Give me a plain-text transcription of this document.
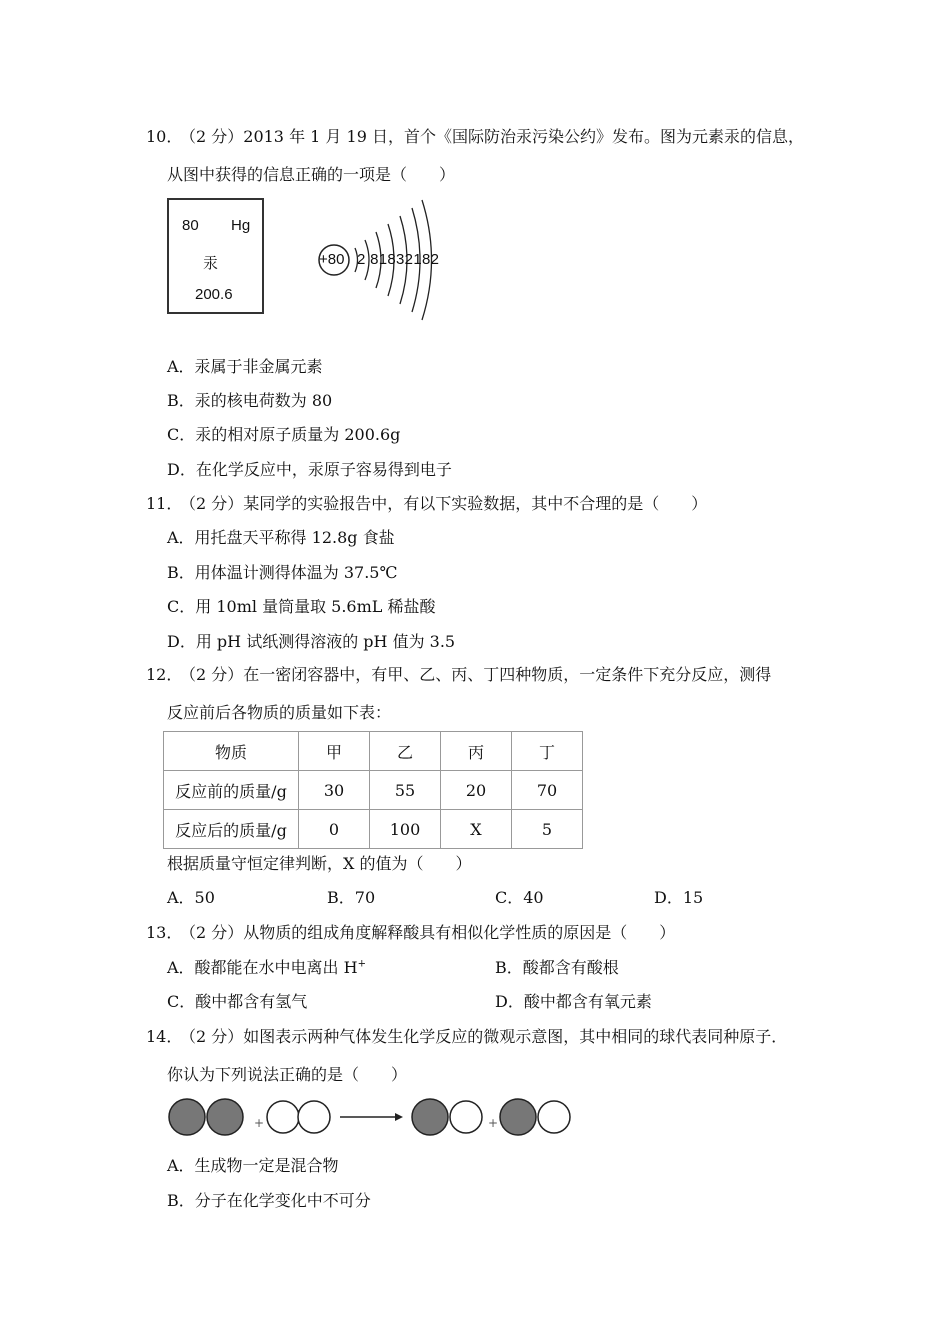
10．（2 分）2013 年 1 月 19 日，首个《国际防治汞污染公约》发布。图为元素汞的信息，
从图中获得的信息正确的一项是（　　）
80 Hg
汞
200.6
+80 2 81832182
A．汞属于非金属元素
B．汞的核电荷数为 80
C．汞的相对原子质量为 200.6g
D．在化学反应中，汞原子容易得到电子
11．（2 分）某同学的实验报告中，有以下实验数据，其中不合理的是（　　）
A．用托盘天平称得 12.8g 食盐
B．用体温计测得体温为 37.5℃
C．用 10ml 量筒量取 5.6mL 稀盐酸
D．用 pH 试纸测得溶液的 pH 值为 3.5
12．（2 分）在一密闭容器中，有甲、乙、丙、丁四种物质，一定条件下充分反应，测得
反应前后各物质的质量如下表：
物质	甲	乙	丙	丁
反应前的质量/g	30	55	20	70
反应后的质量/g	0	100	X	5
根据质量守恒定律判断，X 的值为（　　）
A．50	B．70	C．40	D．15
13．（2 分）从物质的组成角度解释酸具有相似化学性质的原因是（　　）
A．酸都能在水中电离出 H+	B．酸都含有酸根
C．酸中都含有氢气	D．酸中都含有氧元素
14．（2 分）如图表示两种气体发生化学反应的微观示意图，其中相同的球代表同种原子．
你认为下列说法正确的是（　　）
+	+
A．生成物一定是混合物
B．分子在化学变化中不可分
